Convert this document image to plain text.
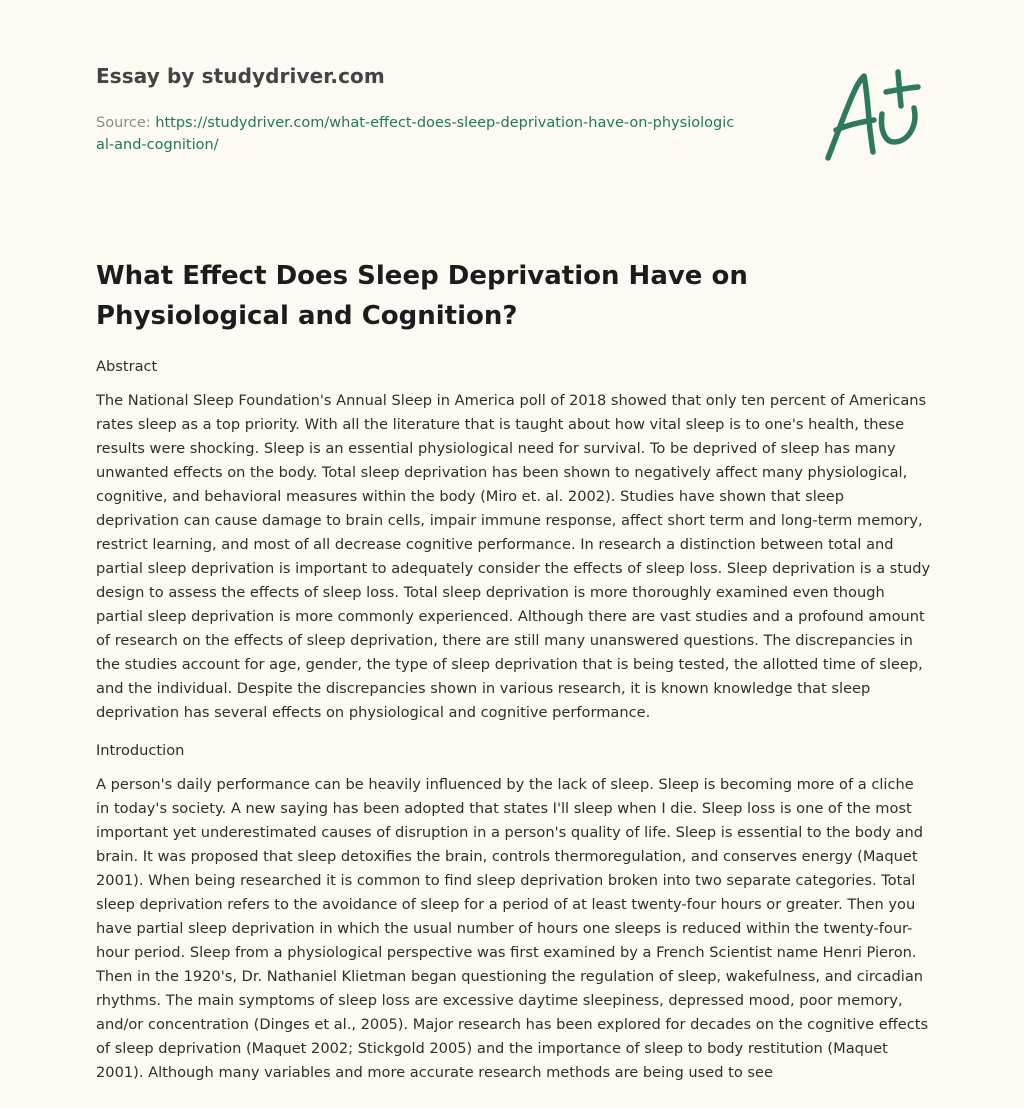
Essay by studydriver.com
Source: https://studydriver.com/what-effect-does-sleep-deprivation-have-on-physiological-and-cognition/
What Effect Does Sleep Deprivation Have on Physiological and Cognition?
Abstract

The National Sleep Foundation's Annual Sleep in America poll of 2018 showed that only ten percent of Americans rates sleep as a top priority. With all the literature that is taught about how vital sleep is to one's health, these results were shocking. Sleep is an essential physiological need for survival. To be deprived of sleep has many unwanted effects on the body. Total sleep deprivation has been shown to negatively affect many physiological, cognitive, and behavioral measures within the body (Miro et. al. 2002). Studies have shown that sleep deprivation can cause damage to brain cells, impair immune response, affect short term and long-term memory, restrict learning, and most of all decrease cognitive performance. In research a distinction between total and partial sleep deprivation is important to adequately consider the effects of sleep loss. Sleep deprivation is a study design to assess the effects of sleep loss. Total sleep deprivation is more thoroughly examined even though partial sleep deprivation is more commonly experienced. Although there are vast studies and a profound amount of research on the effects of sleep deprivation, there are still many unanswered questions. The discrepancies in the studies account for age, gender, the type of sleep deprivation that is being tested, the allotted time of sleep, and the individual. Despite the discrepancies shown in various research, it is known knowledge that sleep deprivation has several effects on physiological and cognitive performance.

Introduction

A person's daily performance can be heavily influenced by the lack of sleep. Sleep is becoming more of a cliche in today's society. A new saying has been adopted that states I'll sleep when I die. Sleep loss is one of the most important yet underestimated causes of disruption in a person's quality of life. Sleep is essential to the body and brain. It was proposed that sleep detoxifies the brain, controls thermoregulation, and conserves energy (Maquet 2001). When being researched it is common to find sleep deprivation broken into two separate categories. Total sleep deprivation refers to the avoidance of sleep for a period of at least twenty-four hours or greater. Then you have partial sleep deprivation in which the usual number of hours one sleeps is reduced within the twenty-four-hour period. Sleep from a physiological perspective was first examined by a French Scientist name Henri Pieron. Then in the 1920's, Dr. Nathaniel Klietman began questioning the regulation of sleep, wakefulness, and circadian rhythms. The main symptoms of sleep loss are excessive daytime sleepiness, depressed mood, poor memory, and/or concentration (Dinges et al., 2005). Major research has been explored for decades on the cognitive effects of sleep deprivation (Maquet 2002; Stickgold 2005) and the importance of sleep to body restitution (Maquet 2001). Although many variables and more accurate research methods are being used to see
